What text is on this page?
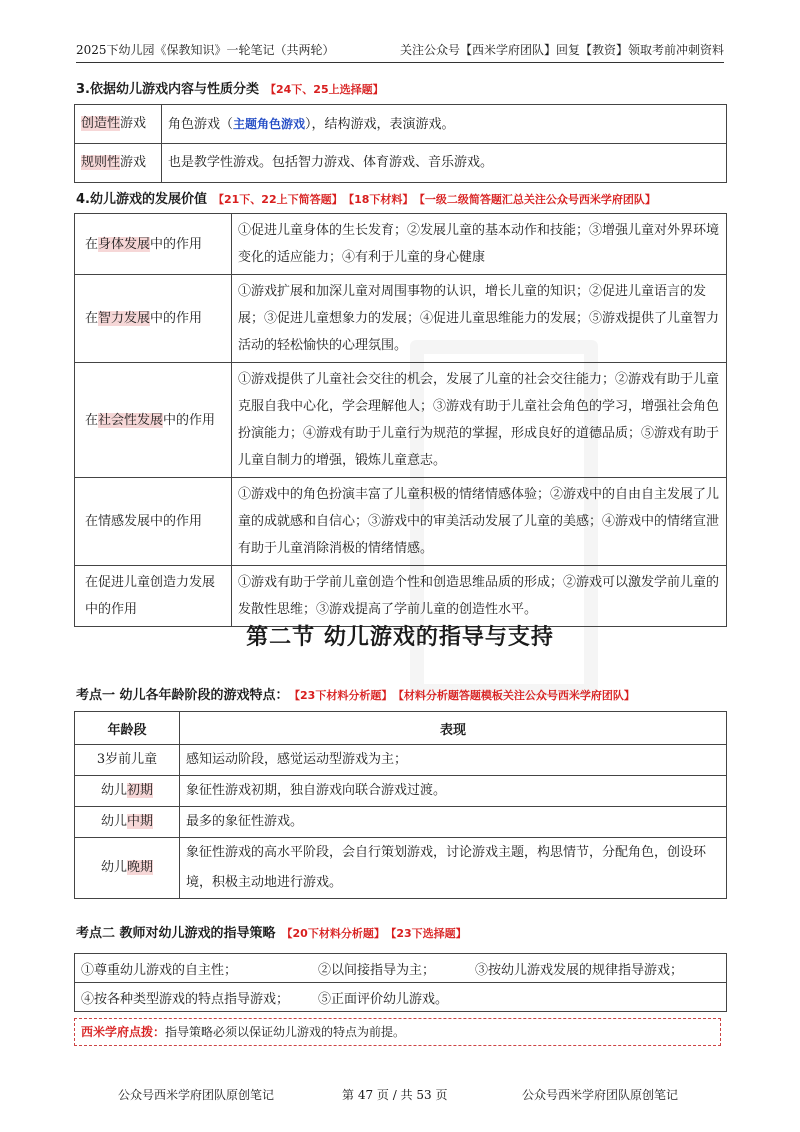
2025下幼儿园《保教知识》一轮笔记（共两轮）	关注公众号【西米学府团队】回复【教资】领取考前冲刺资料
3.依据幼儿游戏内容与性质分类 【24下、25上选择题】
创造性游戏	角色游戏（主题角色游戏），结构游戏，表演游戏。
规则性游戏	也是教学性游戏。包括智力游戏、体育游戏、音乐游戏。
4.幼儿游戏的发展价值 【21下、22上下简答题】 【18下材料】 【一级二级简答题汇总关注公众号西米学府团队】
在身体发展中的作用	①促进儿童身体的生长发育；②发展儿童的基本动作和技能；③增强儿童对外界环境变化的适应能力；④有利于儿童的身心健康
在智力发展中的作用	①游戏扩展和加深儿童对周围事物的认识，增长儿童的知识；②促进儿童语言的发展；③促进儿童想象力的发展；④促进儿童思维能力的发展；⑤游戏提供了儿童智力活动的轻松愉快的心理氛围。
在社会性发展中的作用	①游戏提供了儿童社会交往的机会，发展了儿童的社会交往能力；②游戏有助于儿童克服自我中心化，学会理解他人；③游戏有助于儿童社会角色的学习，增强社会角色扮演能力；④游戏有助于儿童行为规范的掌握，形成良好的道德品质；⑤游戏有助于儿童自制力的增强，锻炼儿童意志。
在情感发展中的作用	①游戏中的角色扮演丰富了儿童积极的情绪情感体验；②游戏中的自由自主发展了儿童的成就感和自信心；③游戏中的审美活动发展了儿童的美感；④游戏中的情绪宣泄有助于儿童消除消极的情绪情感。
在促进儿童创造力发展中的作用	①游戏有助于学前儿童创造个性和创造思维品质的形成；②游戏可以激发学前儿童的发散性思维；③游戏提高了学前儿童的创造性水平。
第二节 幼儿游戏的指导与支持
考点一 幼儿各年龄阶段的游戏特点： 【23下材料分析题】 【材料分析题答题模板关注公众号西米学府团队】
年龄段	表现
3岁前儿童	感知运动阶段，感觉运动型游戏为主；
幼儿初期	象征性游戏初期，独自游戏向联合游戏过渡。
幼儿中期	最多的象征性游戏。
幼儿晚期	象征性游戏的高水平阶段，会自行策划游戏，讨论游戏主题，构思情节，分配角色，创设环境，积极主动地进行游戏。
考点二 教师对幼儿游戏的指导策略 【20下材料分析题】 【23下选择题】
①尊重幼儿游戏的自主性；	②以间接指导为主；	③按幼儿游戏发展的规律指导游戏；
④按各种类型游戏的特点指导游戏；	⑤正面评价幼儿游戏。	
西米学府点拨：指导策略必须以保证幼儿游戏的特点为前提。
公众号西米学府团队原创笔记	第 47 页 / 共 53 页	公众号西米学府团队原创笔记
